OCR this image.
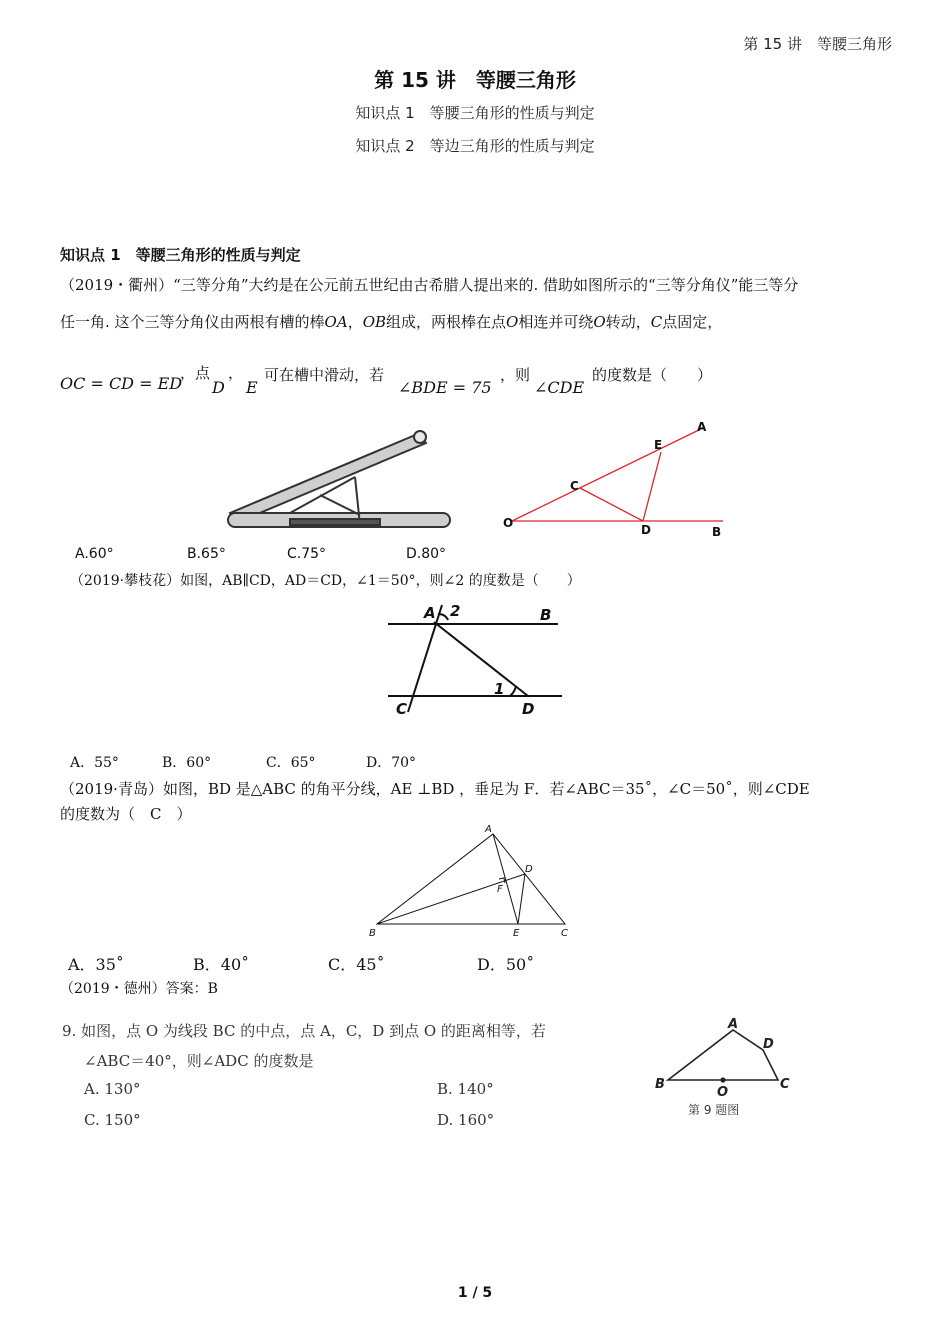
第 15 讲　等腰三角形
第 15 讲　等腰三角形
知识点 1　等腰三角形的性质与判定
知识点 2　等边三角形的性质与判定
知识点 1　等腰三角形的性质与判定
（2019・衢州）“三等分角”大约是在公元前五世纪由古希腊人提出来的. 借助如图所示的“三等分角仪”能三等分
任一角. 这个三等分角仪由两根有槽的棒OA，OB组成，两根棒在点O相连并可绕O转动，C点固定，
OC = CD = ED
，点
D
，
E
可在槽中滑动，若
∠BDE = 75
，则
∠CDE
的度数是（　　）
A
E
C
O	D	B
A.60°	B.65°	C.75°	D.80°
（2019·攀枝花）如图，AB∥CD，AD＝CD，∠1＝50°，则∠2 的度数是（　　）
A 2	B
1
C	D
A．55°	B．60°	C．65°	D．70°
（2019·青岛）如图，BD 是△ABC 的角平分线，AE ⊥BD ，垂足为 F．若∠ABC＝35˚，∠C＝50˚，则∠CDE
的度数为（　C　）
A
D
F
B	E	C
A．35˚	B．40˚	C．45˚	D．50˚
（2019・德州）答案：B
9. 如图，点 O 为线段 BC 的中点，点 A，C，D 到点 O 的距离相等，若
∠ABC＝40°，则∠ADC 的度数是
A. 130°	B. 140°
C. 150°	D. 160°
A
D
B	C
O
第 9 题图
1 / 5
